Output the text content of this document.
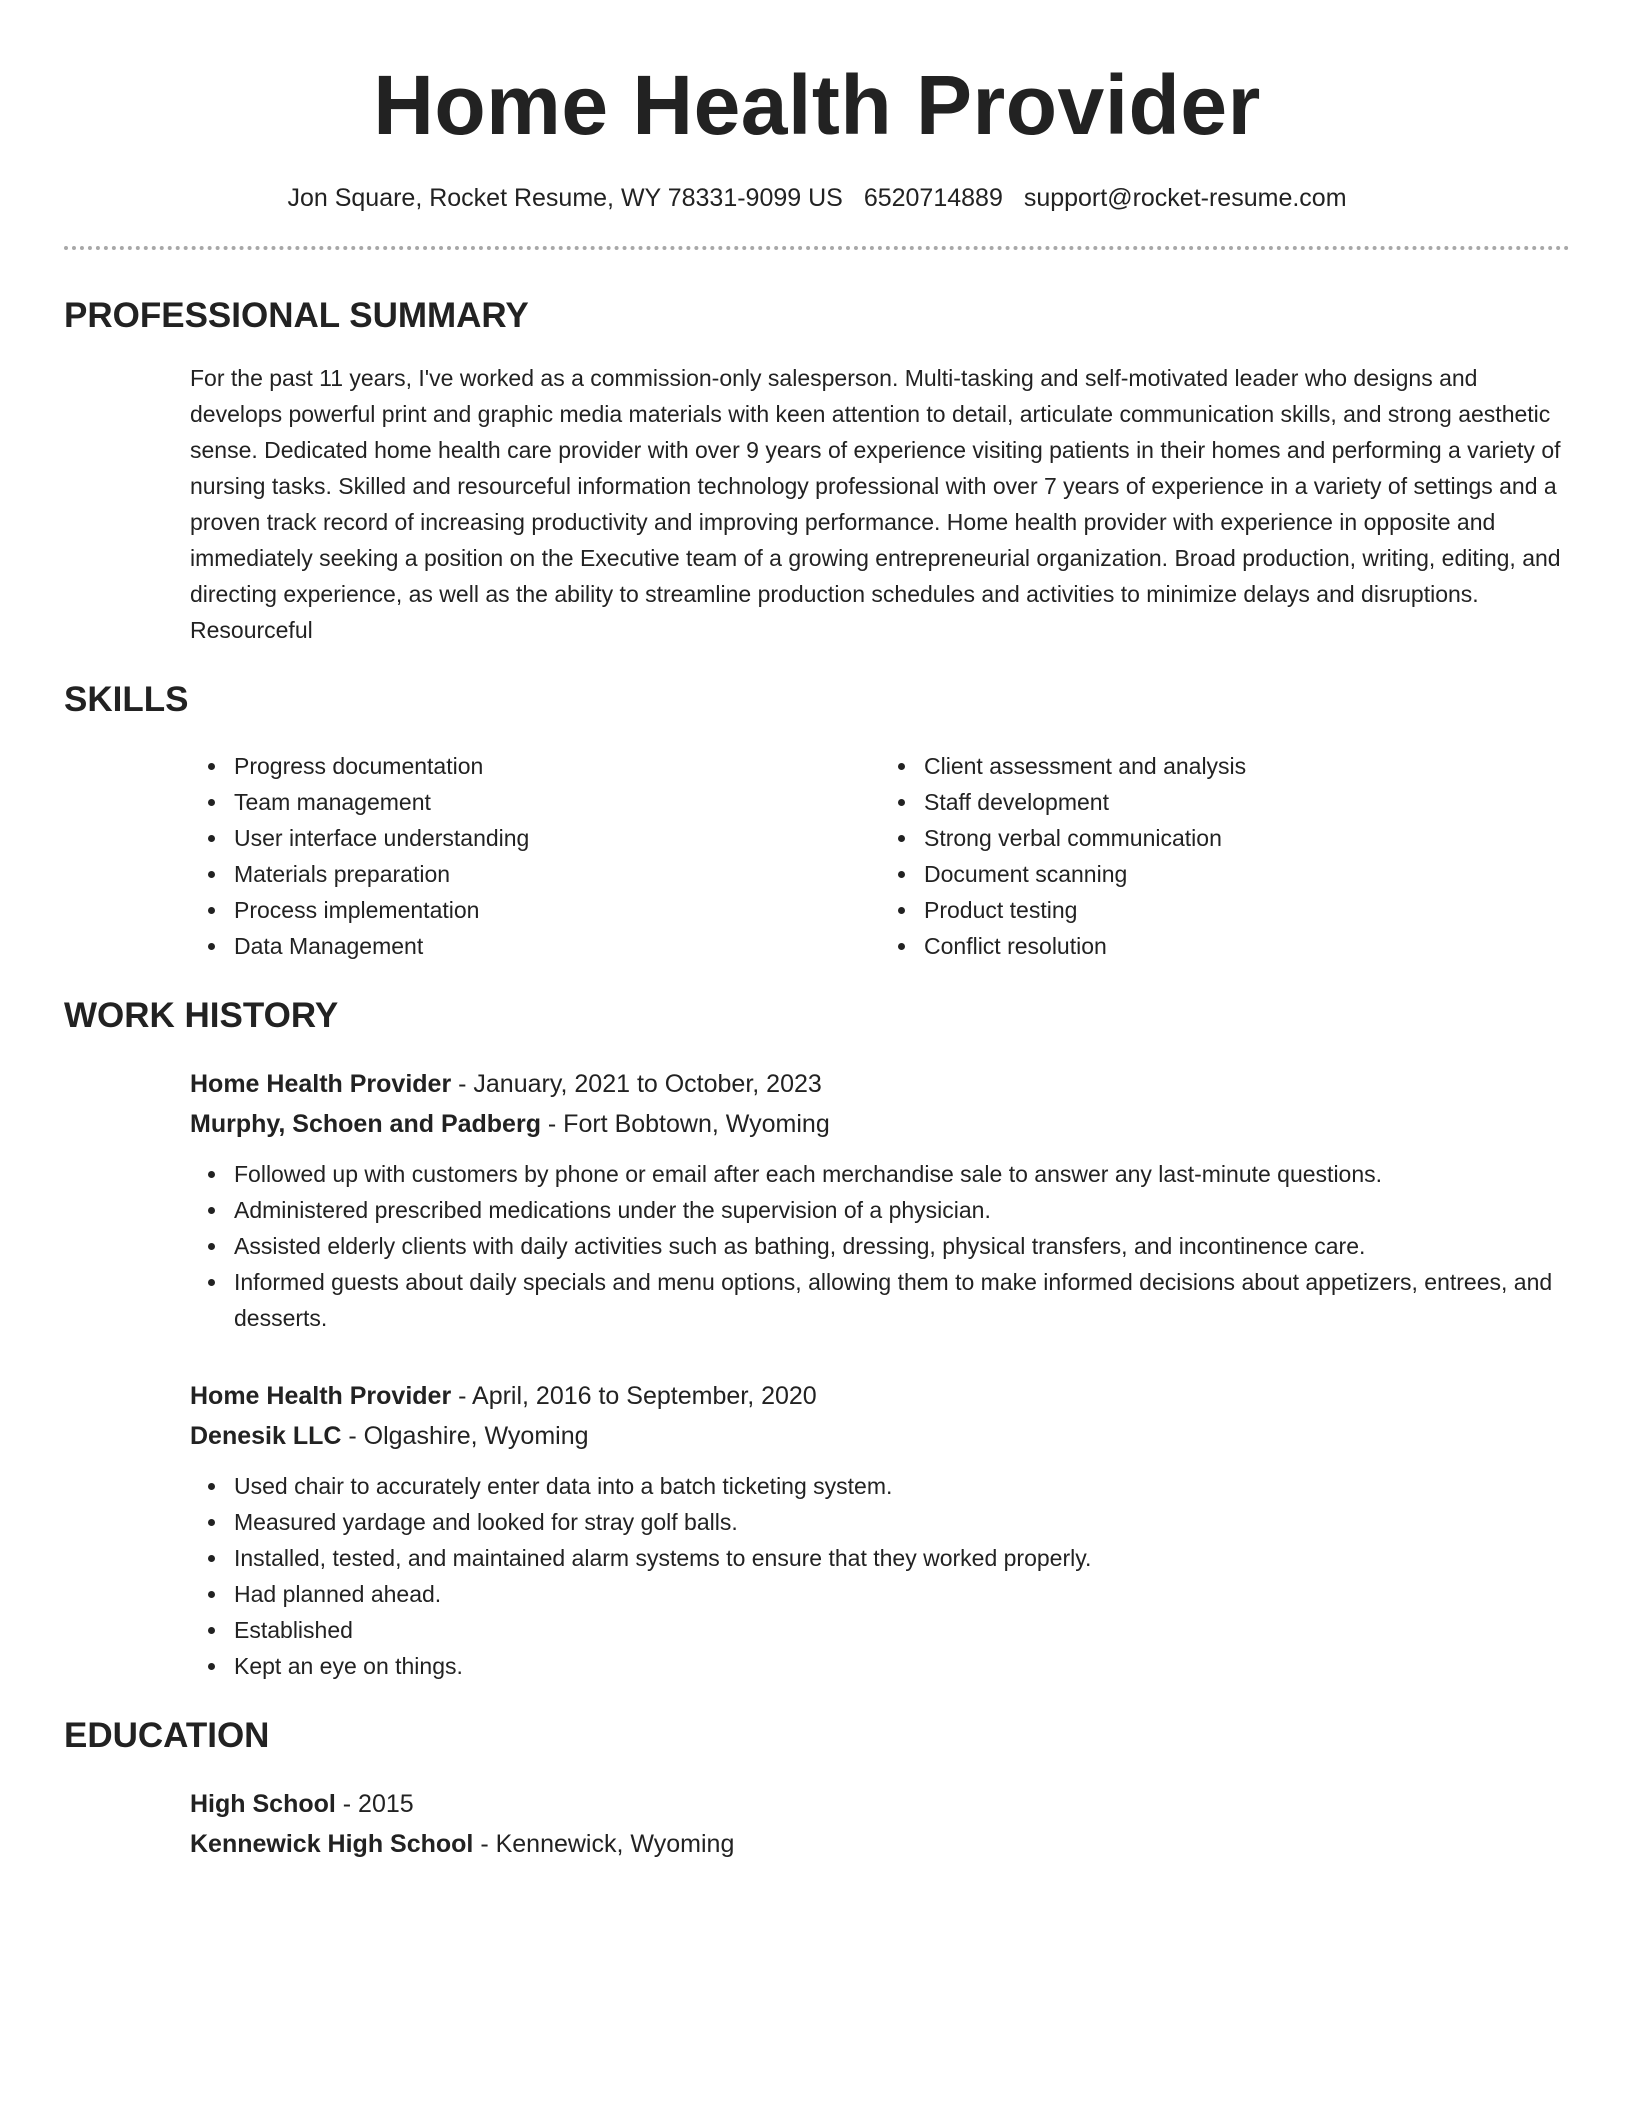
Home Health Provider
Jon Square, Rocket Resume, WY 78331-9099 US 6520714889 support@rocket-resume.com
PROFESSIONAL SUMMARY
For the past 11 years, I've worked as a commission-only salesperson. Multi-tasking and self-motivated leader who designs and develops powerful print and graphic media materials with keen attention to detail, articulate communication skills, and strong aesthetic sense. Dedicated home health care provider with over 9 years of experience visiting patients in their homes and performing a variety of nursing tasks. Skilled and resourceful information technology professional with over 7 years of experience in a variety of settings and a proven track record of increasing productivity and improving performance. Home health provider with experience in opposite and immediately seeking a position on the Executive team of a growing entrepreneurial organization. Broad production, writing, editing, and directing experience, as well as the ability to streamline production schedules and activities to minimize delays and disruptions. Resourceful
SKILLS
Progress documentation
Team management
User interface understanding
Materials preparation
Process implementation
Data Management
Client assessment and analysis
Staff development
Strong verbal communication
Document scanning
Product testing
Conflict resolution
WORK HISTORY
Home Health Provider - January, 2021 to October, 2023
Murphy, Schoen and Padberg - Fort Bobtown, Wyoming
Followed up with customers by phone or email after each merchandise sale to answer any last-minute questions.
Administered prescribed medications under the supervision of a physician.
Assisted elderly clients with daily activities such as bathing, dressing, physical transfers, and incontinence care.
Informed guests about daily specials and menu options, allowing them to make informed decisions about appetizers, entrees, and desserts.
Home Health Provider - April, 2016 to September, 2020
Denesik LLC - Olgashire, Wyoming
Used chair to accurately enter data into a batch ticketing system.
Measured yardage and looked for stray golf balls.
Installed, tested, and maintained alarm systems to ensure that they worked properly.
Had planned ahead.
Established
Kept an eye on things.
EDUCATION
High School - 2015
Kennewick High School - Kennewick, Wyoming
